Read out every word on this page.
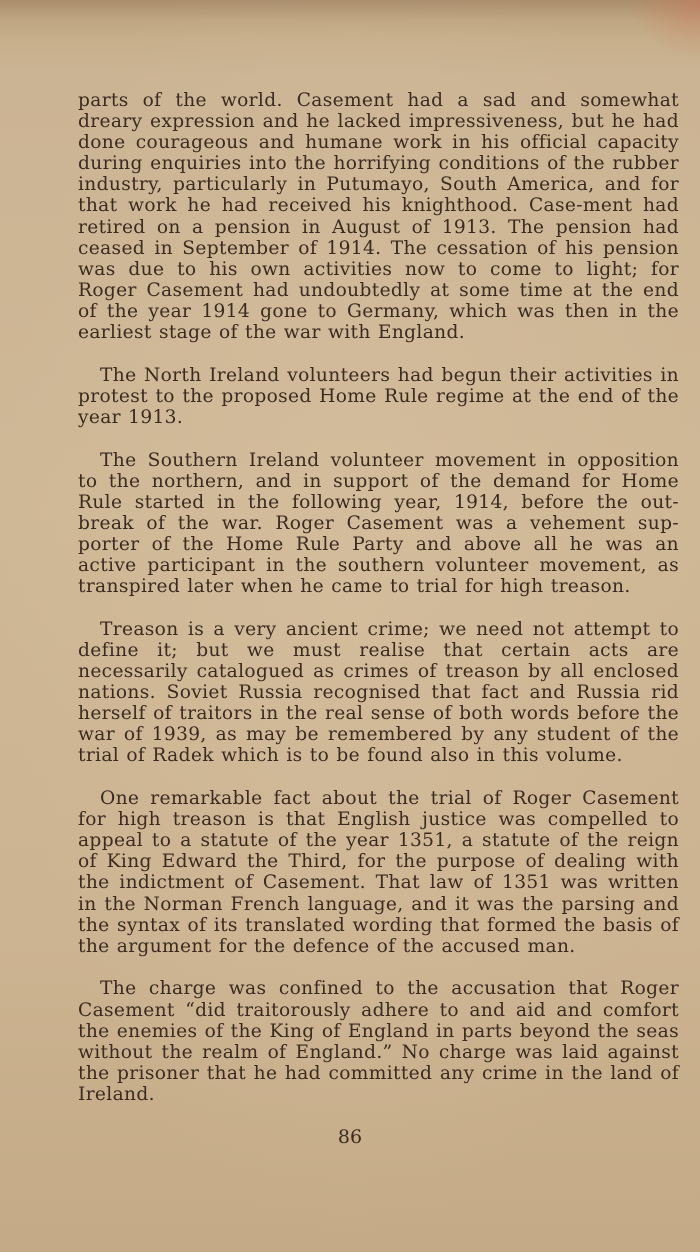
parts of the world. Casement had a sad and somewhat dreary expression and he lacked impressiveness, but he had done courageous and humane work in his official capacity during enquiries into the horrifying conditions of the rubber industry, particularly in Putumayo, South America, and for that work he had received his knighthood. Case-ment had retired on a pension in August of 1913. The pension had ceased in September of 1914. The cessation of his pension was due to his own activities now to come to light; for Roger Casement had undoubtedly at some time at the end of the year 1914 gone to Germany, which was then in the earliest stage of the war with England.

The North Ireland volunteers had begun their activities in protest to the proposed Home Rule regime at the end of the year 1913.

The Southern Ireland volunteer movement in opposition to the northern, and in support of the demand for Home Rule started in the following year, 1914, before the out-break of the war. Roger Casement was a vehement sup-porter of the Home Rule Party and above all he was an active participant in the southern volunteer movement, as transpired later when he came to trial for high treason.

Treason is a very ancient crime; we need not attempt to define it; but we must realise that certain acts are necessarily catalogued as crimes of treason by all enclosed nations. Soviet Russia recognised that fact and Russia rid herself of traitors in the real sense of both words before the war of 1939, as may be remembered by any student of the trial of Radek which is to be found also in this volume.

One remarkable fact about the trial of Roger Casement for high treason is that English justice was compelled to appeal to a statute of the year 1351, a statute of the reign of King Edward the Third, for the purpose of dealing with the indictment of Casement. That law of 1351 was written in the Norman French language, and it was the parsing and the syntax of its translated wording that formed the basis of the argument for the defence of the accused man.

The charge was confined to the accusation that Roger Casement “did traitorously adhere to and aid and comfort the enemies of the King of England in parts beyond the seas without the realm of England.” No charge was laid against the prisoner that he had committed any crime in the land of Ireland.

86
